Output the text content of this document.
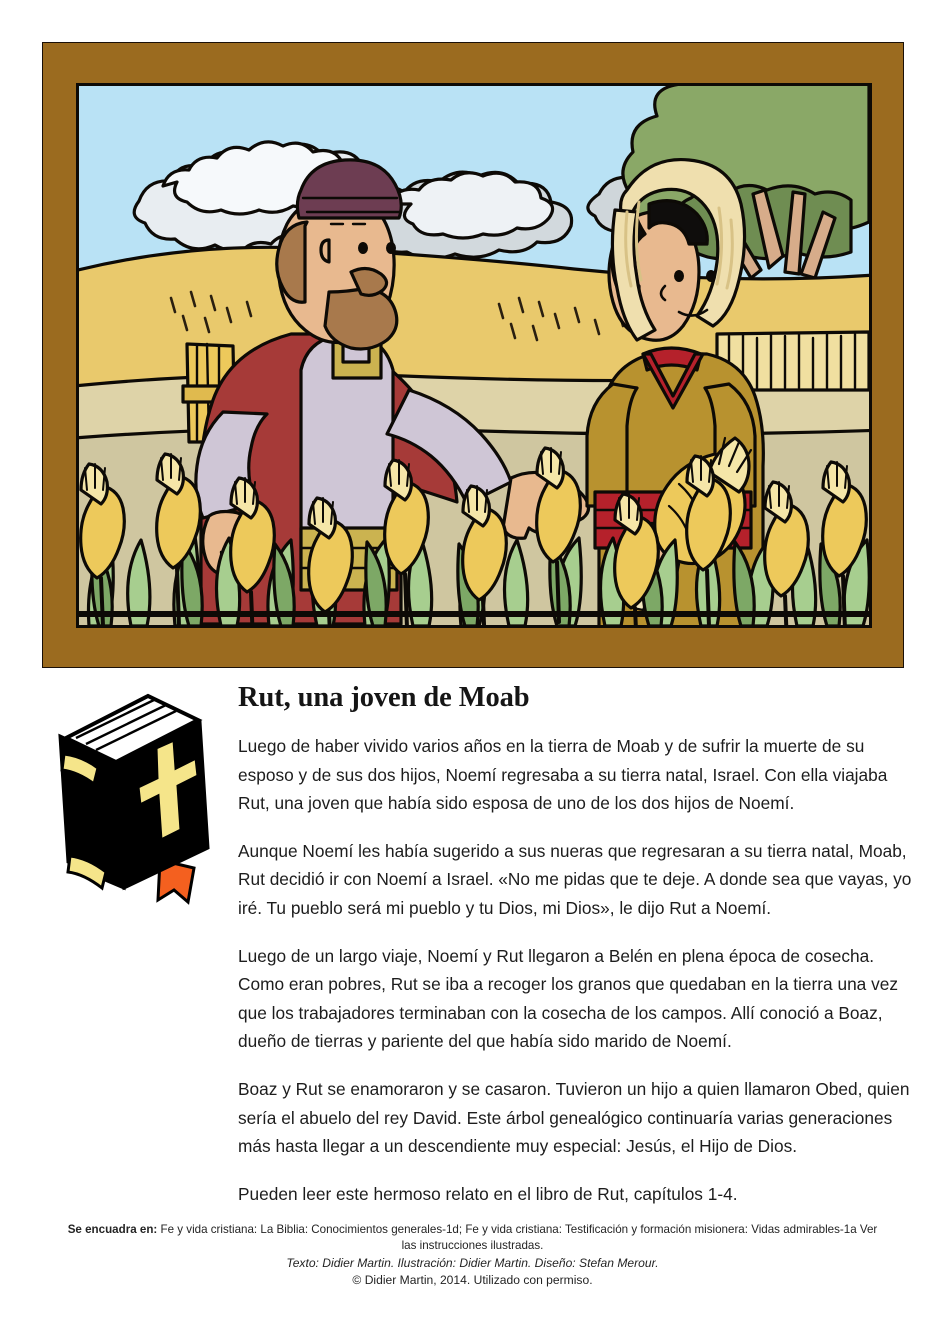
Rut, una joven de Moab

Luego de haber vivido varios años en la tierra de Moab y de sufrir la muerte de su esposo y de sus dos hijos, Noemí regresaba a su tierra natal, Israel. Con ella viajaba Rut, una joven que había sido esposa de uno de los dos hijos de Noemí.

Aunque Noemí les había sugerido a sus nueras que regresaran a su tierra natal, Moab, Rut decidió ir con Noemí a Israel. «No me pidas que te deje. A donde sea que vayas, yo iré. Tu pueblo será mi pueblo y tu Dios, mi Dios», le dijo Rut a Noemí.

Luego de un largo viaje, Noemí y Rut llegaron a Belén en plena época de cosecha. Como eran pobres, Rut se iba a recoger los granos que quedaban en la tierra una vez que los trabajadores terminaban con la cosecha de los campos. Allí conoció a Boaz, dueño de tierras y pariente del que había sido marido de Noemí.

Boaz y Rut se enamoraron y se casaron. Tuvieron un hijo a quien llamaron Obed, quien sería el abuelo del rey David. Este árbol genealógico continuaría varias generaciones más hasta llegar a un descendiente muy especial: Jesús, el Hijo de Dios.

Pueden leer este hermoso relato en el libro de Rut, capítulos 1-4.

Se encuadra en: Fe y vida cristiana: La Biblia: Conocimientos generales-1d; Fe y vida cristiana: Testificación y formación misionera: Vidas admirables-1a Ver las instrucciones ilustradas.
Texto: Didier Martin. Ilustración: Didier Martin. Diseño: Stefan Merour.
© Didier Martin, 2014. Utilizado con permiso.
